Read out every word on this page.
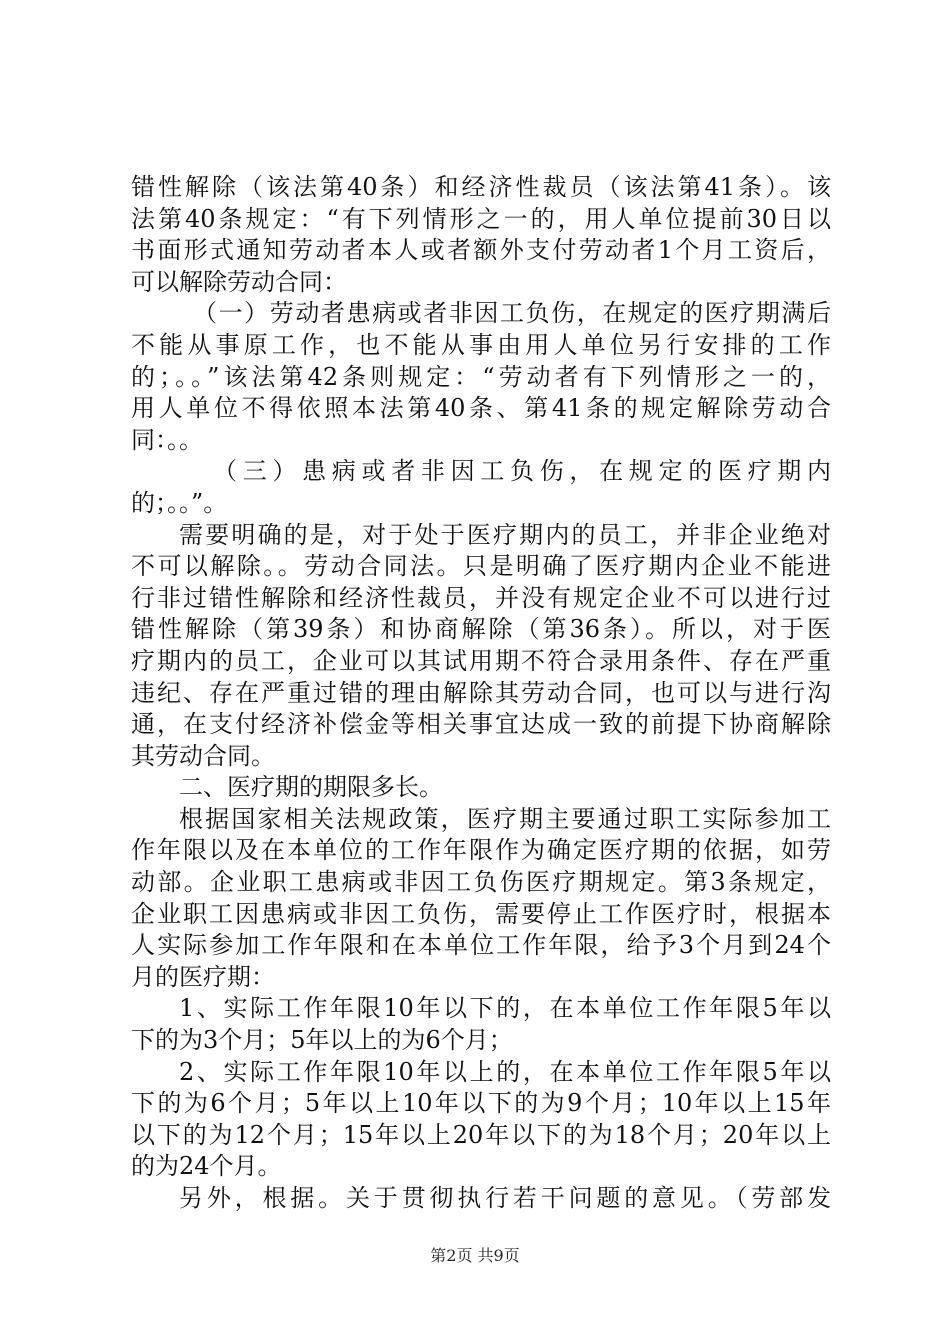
错性解除（该法第40条）和经济性裁员（该法第41条）。该
法第40条规定：“有下列情形之一的，用人单位提前30日以
书面形式通知劳动者本人或者额外支付劳动者1个月工资后，
可以解除劳动合同：
（一）劳动者患病或者非因工负伤，在规定的医疗期满后
不能从事原工作，也不能从事由用人单位另行安排的工作
的；。。”该法第42条则规定：“劳动者有下列情形之一的，
用人单位不得依照本法第40条、第41条的规定解除劳动合
同：。。
（三）患病或者非因工负伤，在规定的医疗期内
的；。。”。
需要明确的是，对于处于医疗期内的员工，并非企业绝对
不可以解除。。劳动合同法。只是明确了医疗期内企业不能进
行非过错性解除和经济性裁员，并没有规定企业不可以进行过
错性解除（第39条）和协商解除（第36条）。所以，对于医
疗期内的员工，企业可以其试用期不符合录用条件、存在严重
违纪、存在严重过错的理由解除其劳动合同，也可以与进行沟
通，在支付经济补偿金等相关事宜达成一致的前提下协商解除
其劳动合同。
二、医疗期的期限多长。
根据国家相关法规政策，医疗期主要通过职工实际参加工
作年限以及在本单位的工作年限作为确定医疗期的依据，如劳
动部。企业职工患病或非因工负伤医疗期规定。第3条规定，
企业职工因患病或非因工负伤，需要停止工作医疗时，根据本
人实际参加工作年限和在本单位工作年限，给予3个月到24个
月的医疗期：
1、实际工作年限10年以下的，在本单位工作年限5年以
下的为3个月；5年以上的为6个月；
2、实际工作年限10年以上的，在本单位工作年限5年以
下的为6个月；5年以上10年以下的为9个月；10年以上15年
以下的为12个月；15年以上20年以下的为18个月；20年以上
的为24个月。
另外，根据。关于贯彻执行若干问题的意见。（劳部发
第2页 共9页
